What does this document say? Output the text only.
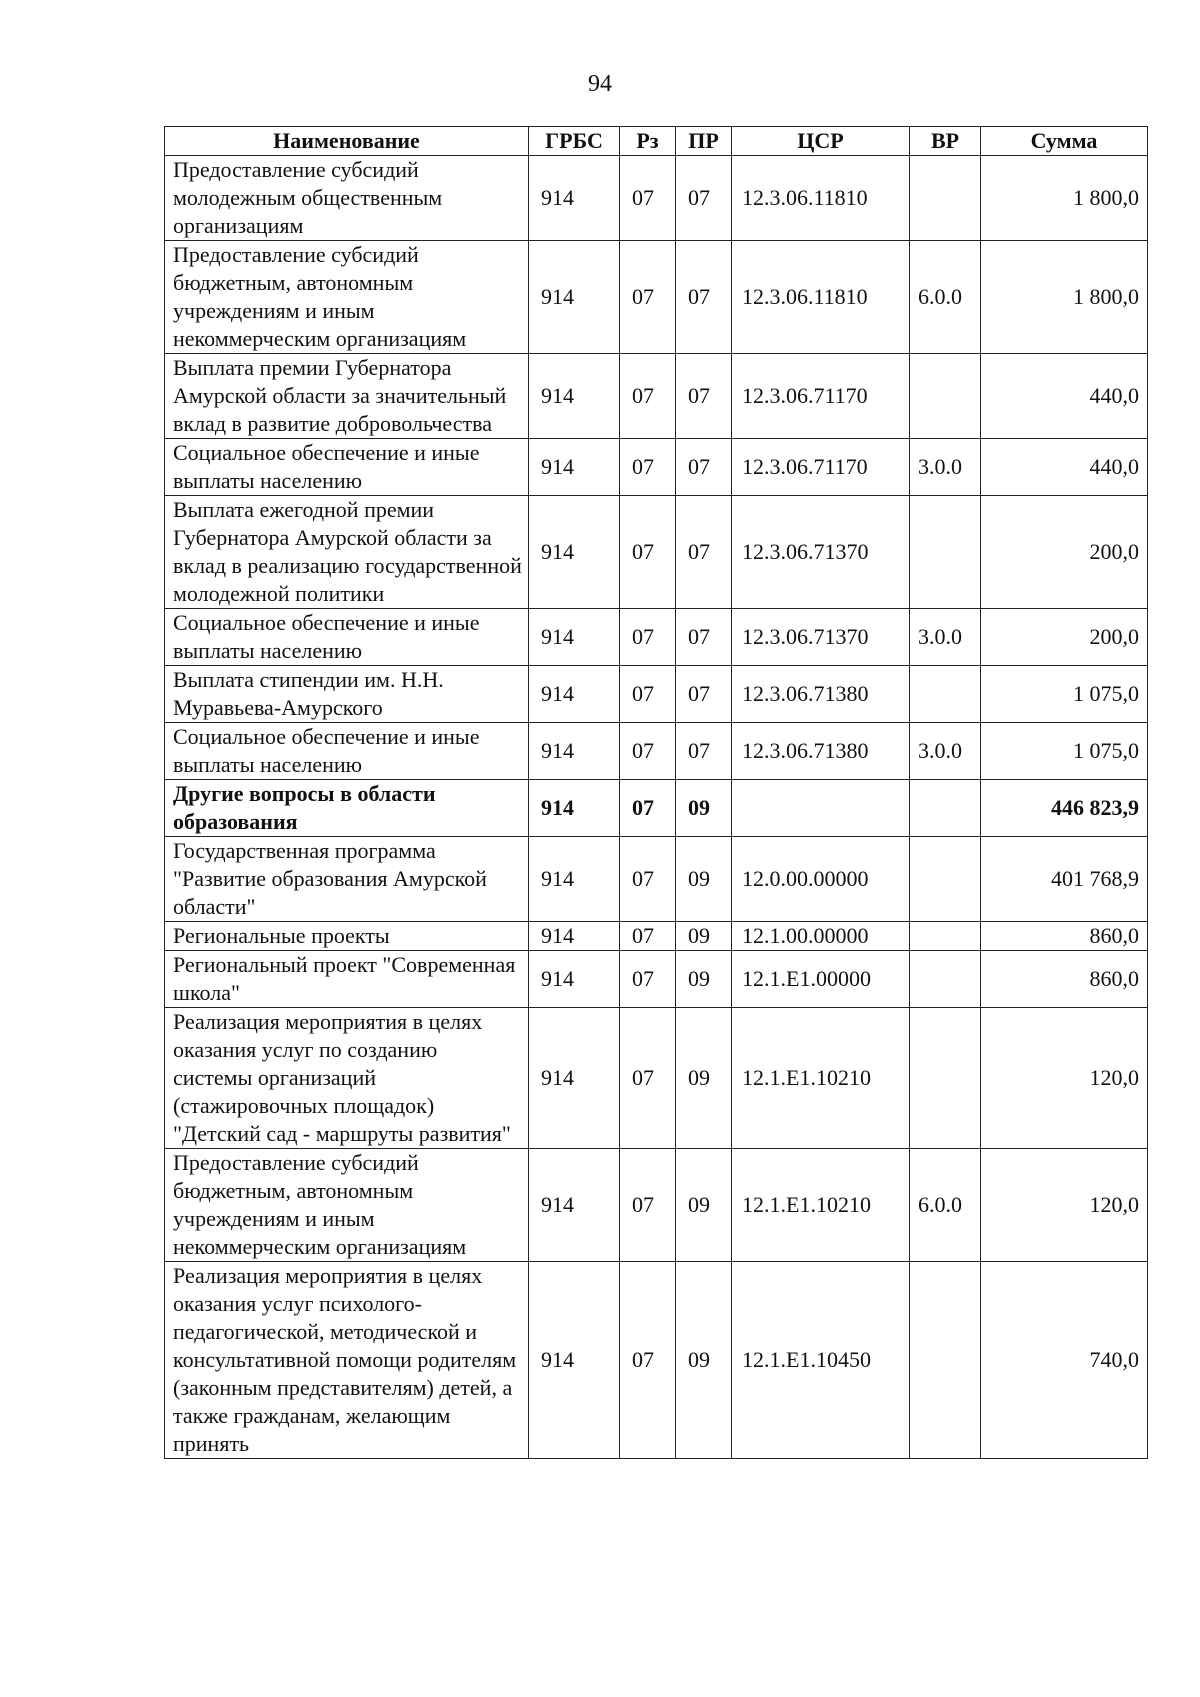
94
Наименование	ГРБС	Рз	ПР	ЦСР	ВР	Сумма
Предоставление субсидий молодежным общественным организациям	914	07	07	12.3.06.11810		1 800,0
Предоставление субсидий бюджетным, автономным учреждениям и иным некоммерческим организациям	914	07	07	12.3.06.11810	6.0.0	1 800,0
Выплата премии Губернатора Амурской области за значительный вклад в развитие добровольчества	914	07	07	12.3.06.71170		440,0
Социальное обеспечение и иные выплаты населению	914	07	07	12.3.06.71170	3.0.0	440,0
Выплата ежегодной премии Губернатора Амурской области за вклад в реализацию государственной молодежной политики	914	07	07	12.3.06.71370		200,0
Социальное обеспечение и иные выплаты населению	914	07	07	12.3.06.71370	3.0.0	200,0
Выплата стипендии им. Н.Н. Муравьева-Амурского	914	07	07	12.3.06.71380		1 075,0
Социальное обеспечение и иные выплаты населению	914	07	07	12.3.06.71380	3.0.0	1 075,0
Другие вопросы в области образования	914	07	09			446 823,9
Государственная программа "Развитие образования Амурской области"	914	07	09	12.0.00.00000		401 768,9
Региональные проекты	914	07	09	12.1.00.00000		860,0
Региональный проект "Современная школа"	914	07	09	12.1.E1.00000		860,0
Реализация мероприятия в целях оказания услуг по созданию системы организаций (стажировочных площадок) "Детский сад - маршруты развития"	914	07	09	12.1.E1.10210		120,0
Предоставление субсидий бюджетным, автономным учреждениям и иным некоммерческим организациям	914	07	09	12.1.E1.10210	6.0.0	120,0
Реализация мероприятия в целях оказания услуг психолого-педагогической, методической и консультативной помощи родителям (законным представителям) детей, а также гражданам, желающим принять	914	07	09	12.1.E1.10450		740,0
